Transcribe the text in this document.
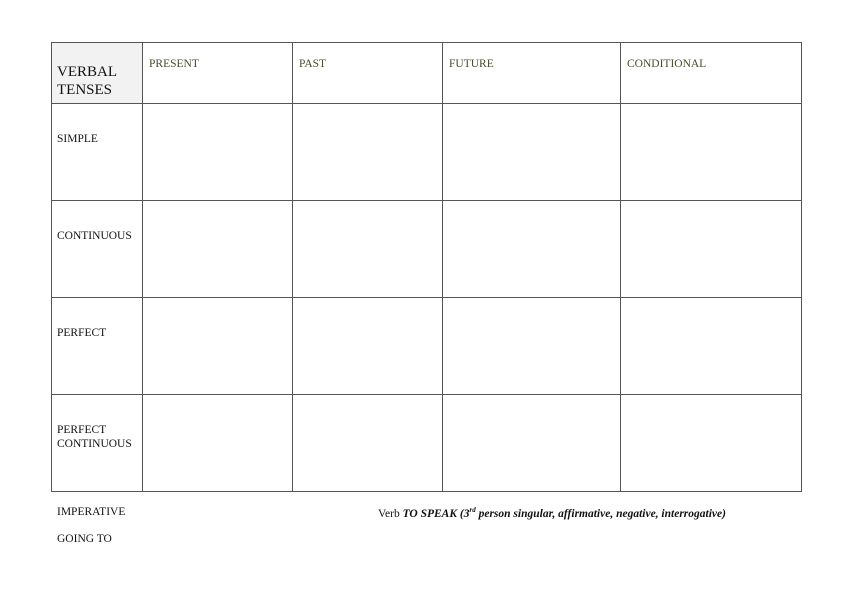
VERBAL TENSES	PRESENT	PAST	FUTURE	CONDITIONAL
SIMPLE				
CONTINUOUS				
PERFECT				
PERFECT CONTINUOUS				
IMPERATIVE
GOING TO
Verb TO SPEAK (3rd person singular, affirmative, negative, interrogative)
